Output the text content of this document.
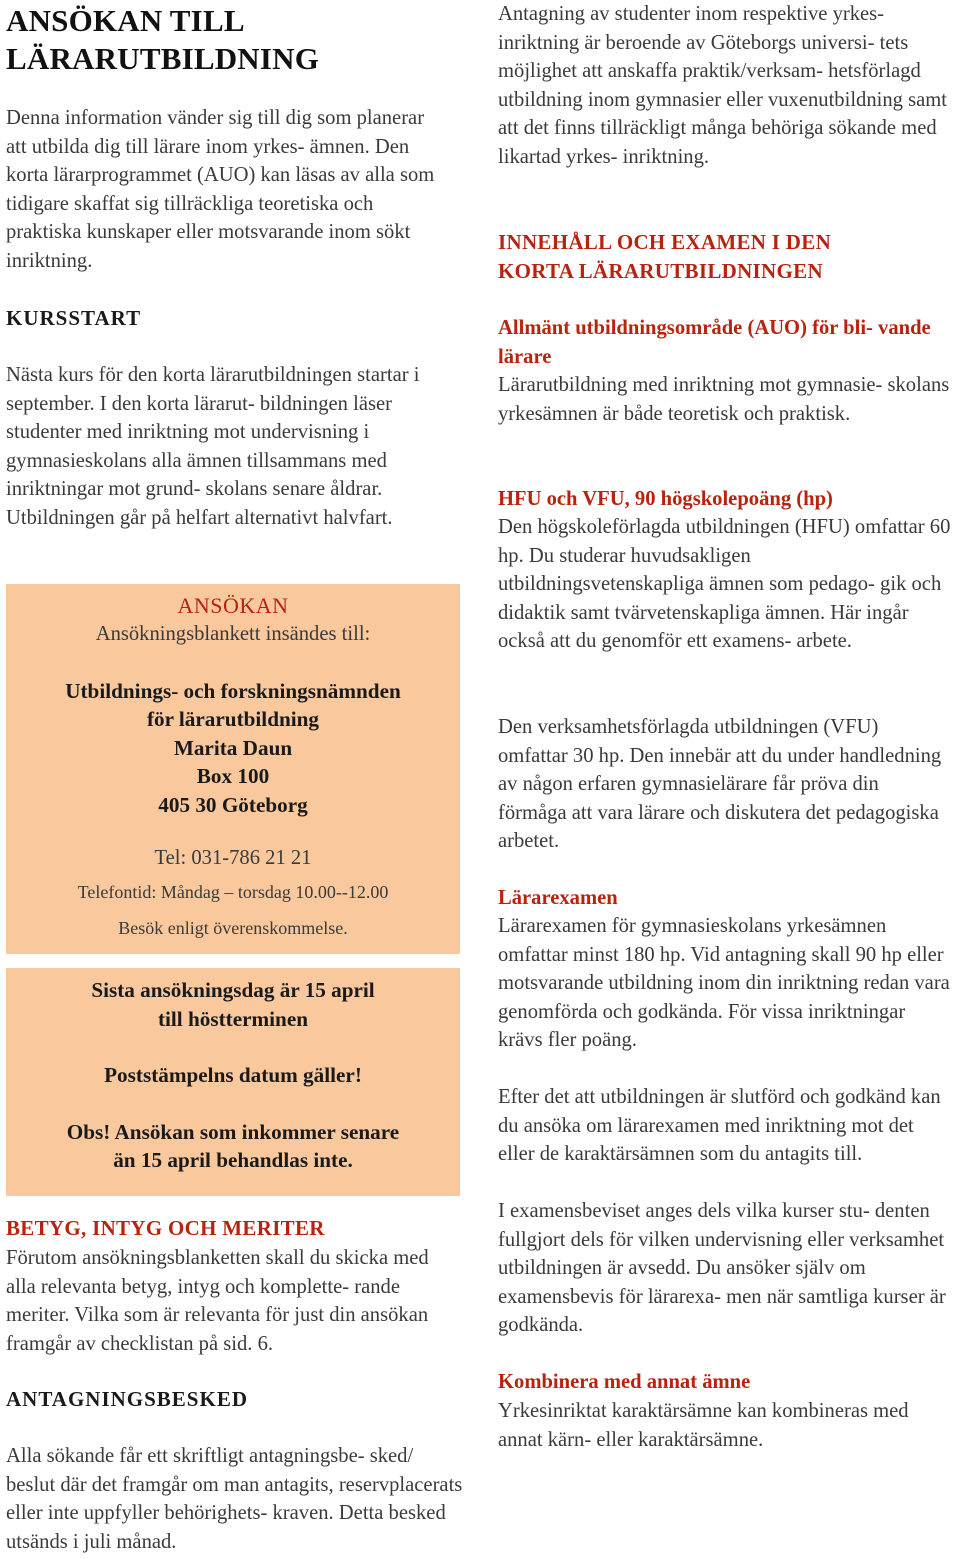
ANSÖKAN TILL
LÄRARUTBILDNING

Denna information vänder sig till dig som planerar att utbilda dig till lärare inom yrkes- ämnen. Den korta lärarprogrammet (AUO) kan läsas av alla som tidigare skaffat sig tillräckliga teoretiska och praktiska kunskaper eller motsvarande inom sökt inriktning.

KURSSTART

Nästa kurs för den korta lärarutbildningen startar i september. I den korta lärarut- bildningen läser studenter med inriktning mot undervisning i gymnasieskolans alla ämnen tillsammans med inriktningar mot grund- skolans senare åldrar. Utbildningen går på helfart alternativt halvfart.

ANSÖKAN
Ansökningsblankett insändes till:
Utbildnings- och forskningsnämnden
för lärarutbildning
Marita Daun
Box 100
405 30 Göteborg
Tel: 031-786 21 21
Telefontid: Måndag – torsdag 10.00--12.00
Besök enligt överenskommelse.
Sista ansökningsdag är 15 april
till höstterminen
Poststämpelns datum gäller!
Obs! Ansökan som inkommer senare
än 15 april behandlas inte.
BETYG, INTYG OCH MERITER

Förutom ansökningsblanketten skall du skicka med alla relevanta betyg, intyg och komplette- rande meriter. Vilka som är relevanta för just din ansökan framgår av checklistan på sid. 6.

ANTAGNINGSBESKED

Alla sökande får ett skriftligt antagningsbe- sked/ beslut där det framgår om man antagits, reservplacerats eller inte uppfyller behörighets- kraven. Detta besked utsänds i juli månad.

Antagning av studenter inom respektive yrkes- inriktning är beroende av Göteborgs universi- tets möjlighet att anskaffa praktik/verksam- hetsförlagd utbildning inom gymnasier eller vuxenutbildning samt att det finns tillräckligt många behöriga sökande med likartad yrkes- inriktning.

INNEHÅLL OCH EXAMEN I DEN
KORTA LÄRARUTBILDNINGEN
Allmänt utbildningsområde (AUO) för bli- vande lärare

Lärarutbildning med inriktning mot gymnasie- skolans yrkesämnen är både teoretisk och praktisk.

HFU och VFU, 90 högskolepoäng (hp)

Den högskoleförlagda utbildningen (HFU) omfattar 60 hp. Du studerar huvudsakligen utbildningsvetenskapliga ämnen som pedago- gik och didaktik samt tvärvetenskapliga ämnen. Här ingår också att du genomför ett examens- arbete.

Den verksamhetsförlagda utbildningen (VFU) omfattar 30 hp. Den innebär att du under handledning av någon erfaren gymnasielärare får pröva din förmåga att vara lärare och diskutera det pedagogiska arbetet.

Lärarexamen

Lärarexamen för gymnasieskolans yrkesämnen omfattar minst 180 hp. Vid antagning skall 90 hp eller motsvarande utbildning inom din inriktning redan vara genomförda och godkända. För vissa inriktningar krävs fler poäng.

Efter det att utbildningen är slutförd och godkänd kan du ansöka om lärarexamen med inriktning mot det eller de karaktärsämnen som du antagits till.

I examensbeviset anges dels vilka kurser stu- denten fullgjort dels för vilken undervisning eller verksamhet utbildningen är avsedd. Du ansöker själv om examensbevis för lärarexa- men när samtliga kurser är godkända.

Kombinera med annat ämne

Yrkesinriktat karaktärsämne kan kombineras med annat kärn- eller karaktärsämne.
